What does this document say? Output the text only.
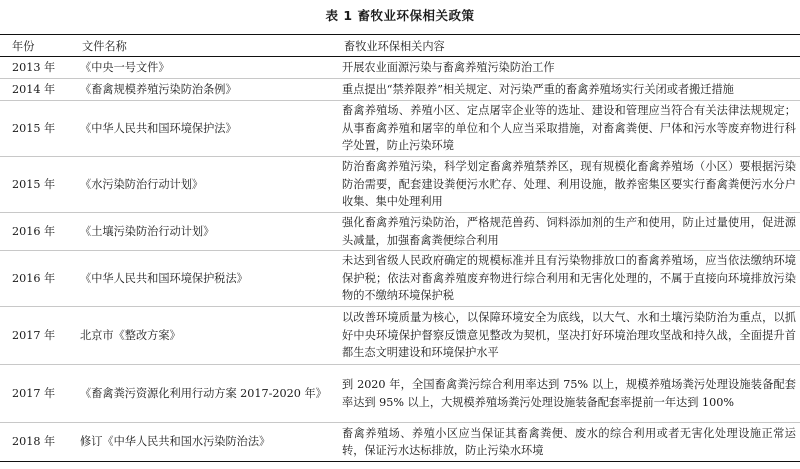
表 1 畜牧业环保相关政策
年份	文件名称	畜牧业环保相关内容
2013 年	《中央一号文件》	开展农业面源污染与畜禽养殖污染防治工作
2014 年	《畜禽规模养殖污染防治条例》	重点提出“禁养限养”相关规定、对污染严重的畜禽养殖场实行关闭或者搬迁措施
2015 年	《中华人民共和国环境保护法》	畜禽养殖场、养殖小区、定点屠宰企业等的选址、建设和管理应当符合有关法律法规规定；从事畜禽养殖和屠宰的单位和个人应当采取措施，对畜禽粪便、尸体和污水等废弃物进行科学处置，防止污染环境
2015 年	《水污染防治行动计划》	防治畜禽养殖污染，科学划定畜禽养殖禁养区，现有规模化畜禽养殖场（小区）要根据污染防治需要，配套建设粪便污水贮存、处理、利用设施，散养密集区要实行畜禽粪便污水分户收集、集中处理利用
2016 年	《土壤污染防治行动计划》	强化畜禽养殖污染防治，严格规范兽药、饲料添加剂的生产和使用，防止过量使用，促进源头减量，加强畜禽粪便综合利用
2016 年	《中华人民共和国环境保护税法》	未达到省级人民政府确定的规模标准并且有污染物排放口的畜禽养殖场，应当依法缴纳环境保护税；依法对畜禽养殖废弃物进行综合利用和无害化处理的，不属于直接向环境排放污染物的不缴纳环境保护税
2017 年	北京市《整改方案》	以改善环境质量为核心，以保障环境安全为底线，以大气、水和土壤污染防治为重点，以抓好中央环境保护督察反馈意见整改为契机，坚决打好环境治理攻坚战和持久战，全面提升首都生态文明建设和环境保护水平
2017 年	《畜禽粪污资源化利用行动方案 2017-2020 年》	到 2020 年，全国畜禽粪污综合利用率达到 75% 以上，规模养殖场粪污处理设施装备配套率达到 95% 以上，大规模养殖场粪污处理设施装备配套率提前一年达到 100%
2018 年	修订《中华人民共和国水污染防治法》	畜禽养殖场、养殖小区应当保证其畜禽粪便、废水的综合利用或者无害化处理设施正常运转，保证污水达标排放，防止污染水环境
